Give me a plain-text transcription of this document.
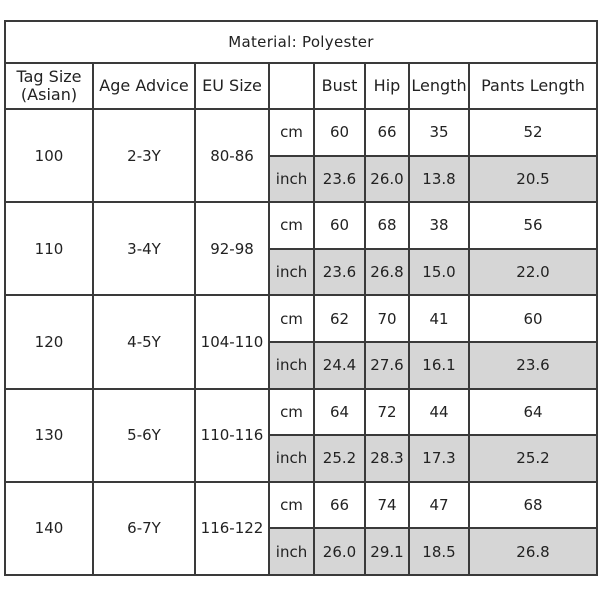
Material: Polyester							

Tag Size
(Asian)	Age Advice	EU Size		Bust	Hip	Length	Pants Length
100	2-3Y	80-86	cm	60	66	35	52
			inch	23.6	26.0	13.8	20.5
110	3-4Y	92-98	cm	60	68	38	56
			inch	23.6	26.8	15.0	22.0
120	4-5Y	104-110	cm	62	70	41	60
			inch	24.4	27.6	16.1	23.6
130	5-6Y	110-116	cm	64	72	44	64
			inch	25.2	28.3	17.3	25.2
140	6-7Y	116-122	cm	66	74	47	68
			inch	26.0	29.1	18.5	26.8
